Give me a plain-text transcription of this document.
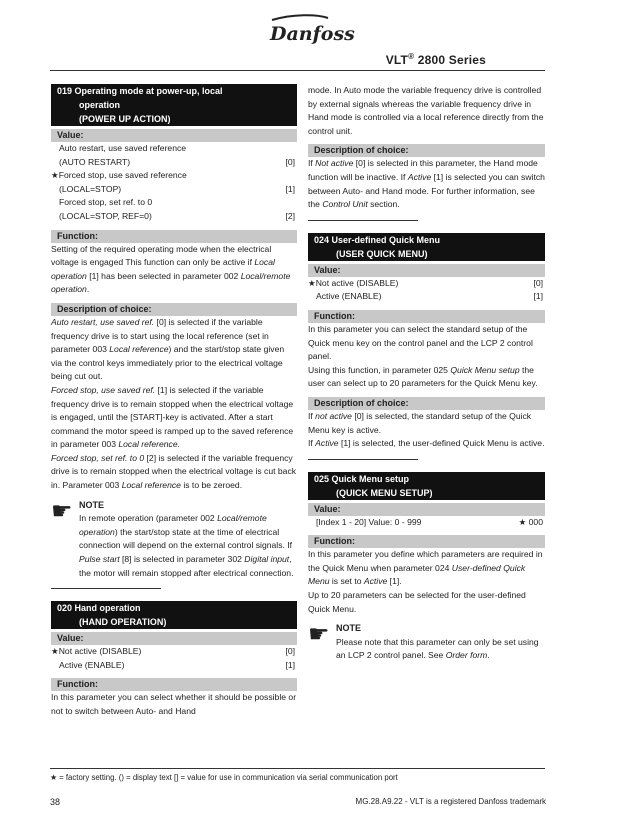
Danfoss
VLT® 2800 Series
019 Operating mode at power-up, local
operation
(POWER UP ACTION)
Value:
Auto restart, use saved reference
(AUTO RESTART)	[0]
★Forced stop, use saved reference
(LOCAL=STOP)	[1]
Forced stop, set ref. to 0
(LOCAL=STOP, REF=0)	[2]
Function:

Setting of the required operating mode when the electrical voltage is engaged This function can only be active if Local operation [1] has been selected in parameter 002 Local/remote operation.

Description of choice:

Auto restart, use saved ref. [0] is selected if the variable frequency drive is to start using the local reference (set in parameter 003 Local reference) and the start/stop state given via the control keys immediately prior to the electrical voltage being cut out.

Forced stop, use saved ref. [1] is selected if the variable frequency drive is to remain stopped when the electrical voltage is engaged, until the [START]-key is activated. After a start command the motor speed is ramped up to the saved reference in parameter 003 Local reference.

Forced stop, set ref. to 0 [2] is selected if the variable frequency drive is to remain stopped when the electrical voltage is cut back in. Parameter 003 Local reference is to be zeroed.

☛ NOTE
In remote operation (parameter 002 Local/remote operation) the start/stop state at the time of electrical connection will depend on the external control signals. If Pulse start [8] is selected in parameter 302 Digital input, the motor will remain stopped after electrical connection.
020 Hand operation
(HAND OPERATION)
Value:
★Not active (DISABLE)	[0]
Active (ENABLE)	[1]
Function:

In this parameter you can select whether it should be possible or not to switch between Auto- and Hand

mode. In Auto mode the variable frequency drive is controlled by external signals whereas the variable frequency drive in Hand mode is controlled via a local reference directly from the control unit.

Description of choice:

If Not active [0] is selected in this parameter, the Hand mode function will be inactive. If Active [1] is selected you can switch between Auto- and Hand mode. For further information, see the Control Unit section.

024 User-defined Quick Menu
(USER QUICK MENU)
Value:
★Not active (DISABLE)	[0]
Active (ENABLE)	[1]
Function:

In this parameter you can select the standard setup of the Quick menu key on the control panel and the LCP 2 control panel.

Using this function, in parameter 025 Quick Menu setup the user can select up to 20 parameters for the Quick Menu key.

Description of choice:

If not active [0] is selected, the standard setup of the Quick Menu key is active.

If Active [1] is selected, the user-defined Quick Menu is active.

025 Quick Menu setup
(QUICK MENU SETUP)
Value:
[Index 1 - 20] Value: 0 - 999	★ 000
Function:

In this parameter you define which parameters are required in the Quick Menu when parameter 024 User-defined Quick Menu is set to Active [1].

Up to 20 parameters can be selected for the user-defined Quick Menu.

☛ NOTE
Please note that this parameter can only be set using an LCP 2 control panel. See Order form.
★ = factory setting. () = display text [] = value for use in communication via serial communication port
38	MG.28.A9.22 - VLT is a registered Danfoss trademark
